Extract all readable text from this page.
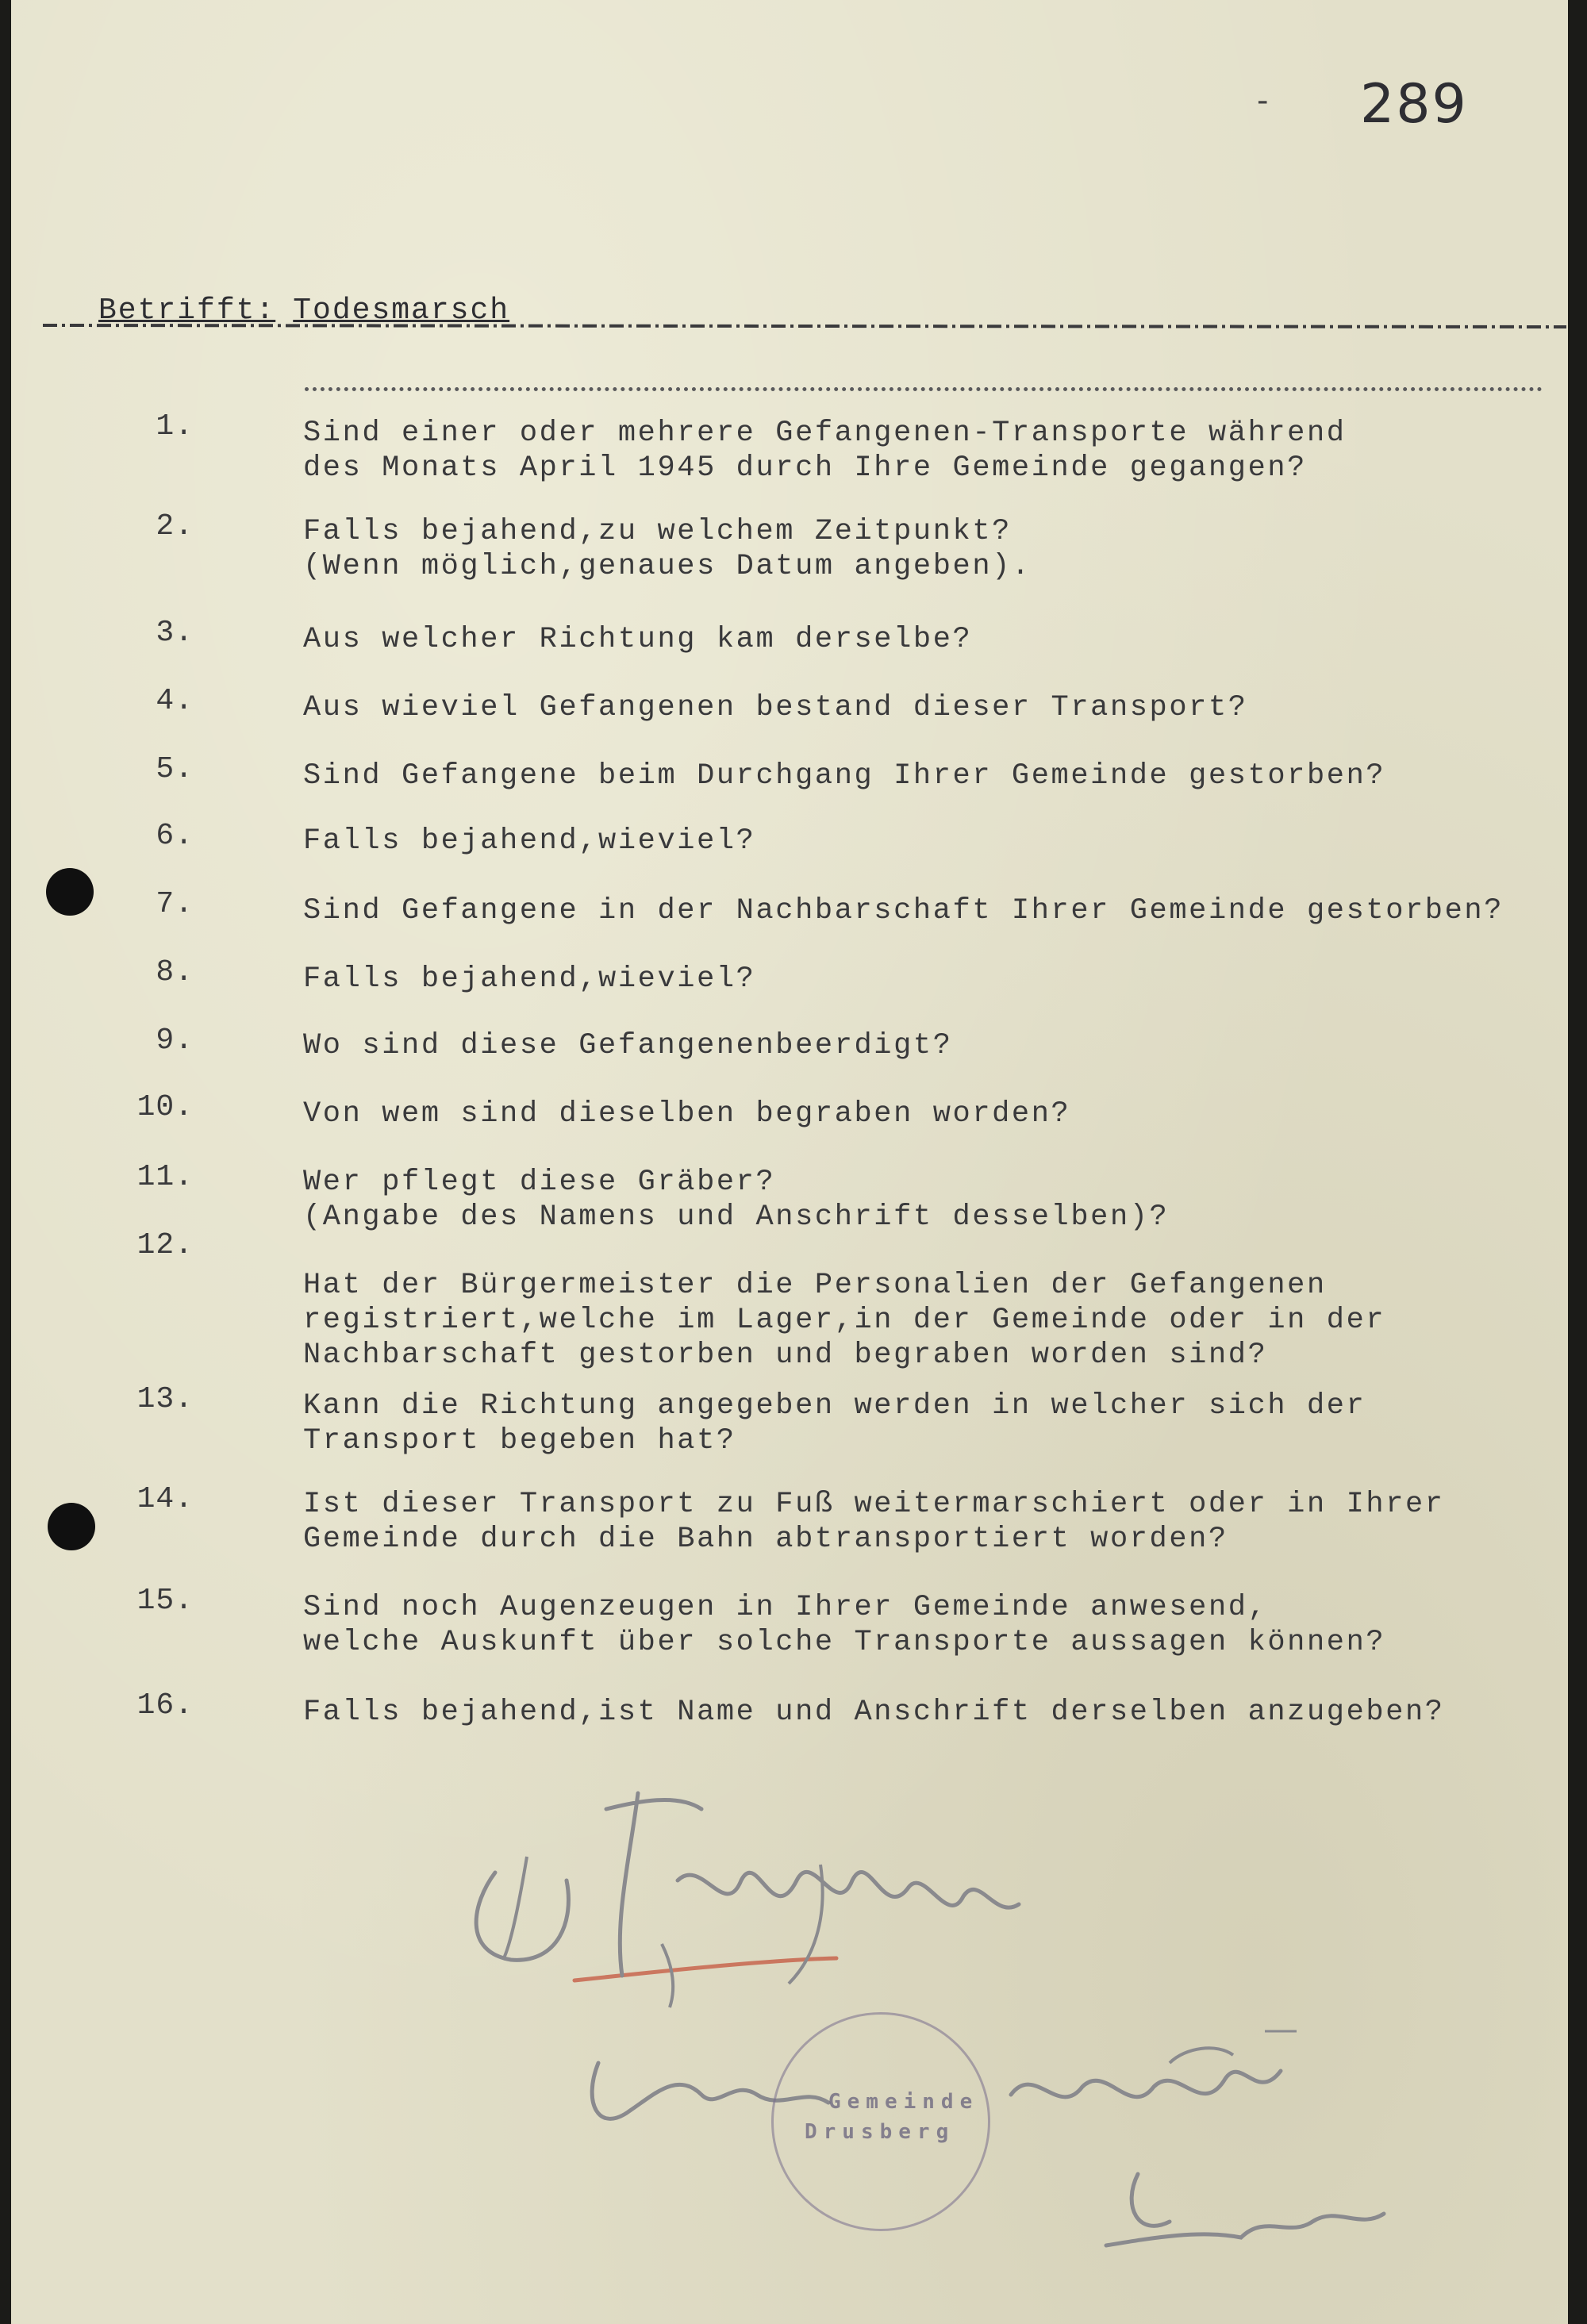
- 289
Betrifft: Todesmarsch
1.	Sind einer oder mehrere Gefangenen-Transporte während
des Monats April 1945 durch Ihre Gemeinde gegangen?
2.	Falls bejahend,zu welchem Zeitpunkt?
(Wenn möglich,genaues Datum angeben).
3.	Aus welcher Richtung kam derselbe?
4.	Aus wieviel Gefangenen bestand dieser Transport?
5.	Sind Gefangene beim Durchgang Ihrer Gemeinde gestorben?
6.	Falls bejahend,wieviel?
7.	Sind Gefangene in der Nachbarschaft Ihrer Gemeinde gestorben?
8.	Falls bejahend,wieviel?
9.	Wo sind diese Gefangenenbeerdigt?
10.	Von wem sind dieselben begraben worden?
11.	Wer pflegt diese Gräber?
(Angabe des Namens und Anschrift desselben)?
12.
Hat der Bürgermeister die Personalien der Gefangenen
registriert,welche im Lager,in der Gemeinde oder in der
Nachbarschaft gestorben und begraben worden sind?
13.	Kann die Richtung angegeben werden in welcher sich der
Transport begeben hat?
14.	Ist dieser Transport zu Fuß weitermarschiert oder in Ihrer
Gemeinde durch die Bahn abtransportiert worden?
15.	Sind noch Augenzeugen in Ihrer Gemeinde anwesend,
welche Auskunft über solche Transporte aussagen können?
16.	Falls bejahend,ist Name und Anschrift derselben anzugeben?
Gemeinde
Drusberg
